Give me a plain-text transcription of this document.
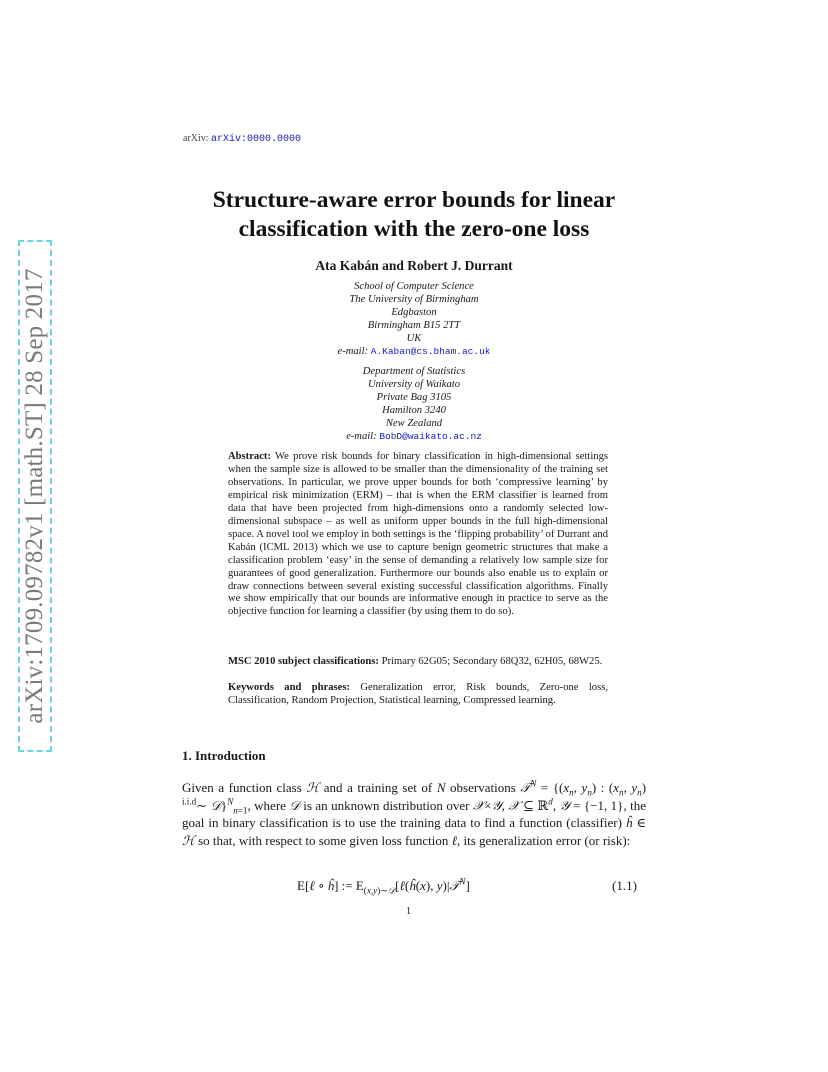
arXiv:1709.09782v1 [math.ST] 28 Sep 2017
arXiv: arXiv:0000.0000
Structure-aware error bounds for linear classification with the zero-one loss
Ata Kabán and Robert J. Durrant
School of Computer Science
The University of Birmingham
Edgbaston
Birmingham B15 2TT
UK
e-mail: A.Kaban@cs.bham.ac.uk
Department of Statistics
University of Waikato
Private Bag 3105
Hamilton 3240
New Zealand
e-mail: BobD@waikato.ac.nz
Abstract: We prove risk bounds for binary classification in high-dimensional settings when the sample size is allowed to be smaller than the dimensionality of the training set observations. In particular, we prove upper bounds for both ‘compressive learning’ by empirical risk minimization (ERM) – that is when the ERM classifier is learned from data that have been projected from high-dimensions onto a randomly selected low-dimensional subspace – as well as uniform upper bounds in the full high-dimensional space. A novel tool we employ in both settings is the ‘flipping probability’ of Durrant and Kabán (ICML 2013) which we use to capture benign geometric structures that make a classification problem ‘easy’ in the sense of demanding a relatively low sample size for guarantees of good generalization. Furthermore our bounds also enable us to explain or draw connections between several existing successful classification algorithms. Finally we show empirically that our bounds are informative enough in practice to serve as the objective function for learning a classifier (by using them to do so).
MSC 2010 subject classifications: Primary 62G05; Secondary 68Q32, 62H05, 68W25.
Keywords and phrases: Generalization error, Risk bounds, Zero-one loss, Classification, Random Projection, Statistical learning, Compressed learning.
1. Introduction
Given a function class ℋ and a training set of N observations 𝒯$^N$ = {($x_n$, $y_n$) : ($x_n$, $y_n$) $^{i.i.d}$∼ 𝒟}$^N_{n=1}$, where 𝒟 is an unknown distribution over 𝒳×𝒴, 𝒳 ⊆ ℝ$^d$, 𝒴 = {−1, 1}, the goal in binary classification is to use the training data to find a function (classifier) ĥ ∈ ℋ so that, with respect to some given loss function ℓ, its generalization error (or risk):
E[ℓ ∘ ĥ] := $E_{(x,y)\sim 𝒟}[\ell(ĥ(x)$, y)|𝒯$^N$]	(1.1)
1
